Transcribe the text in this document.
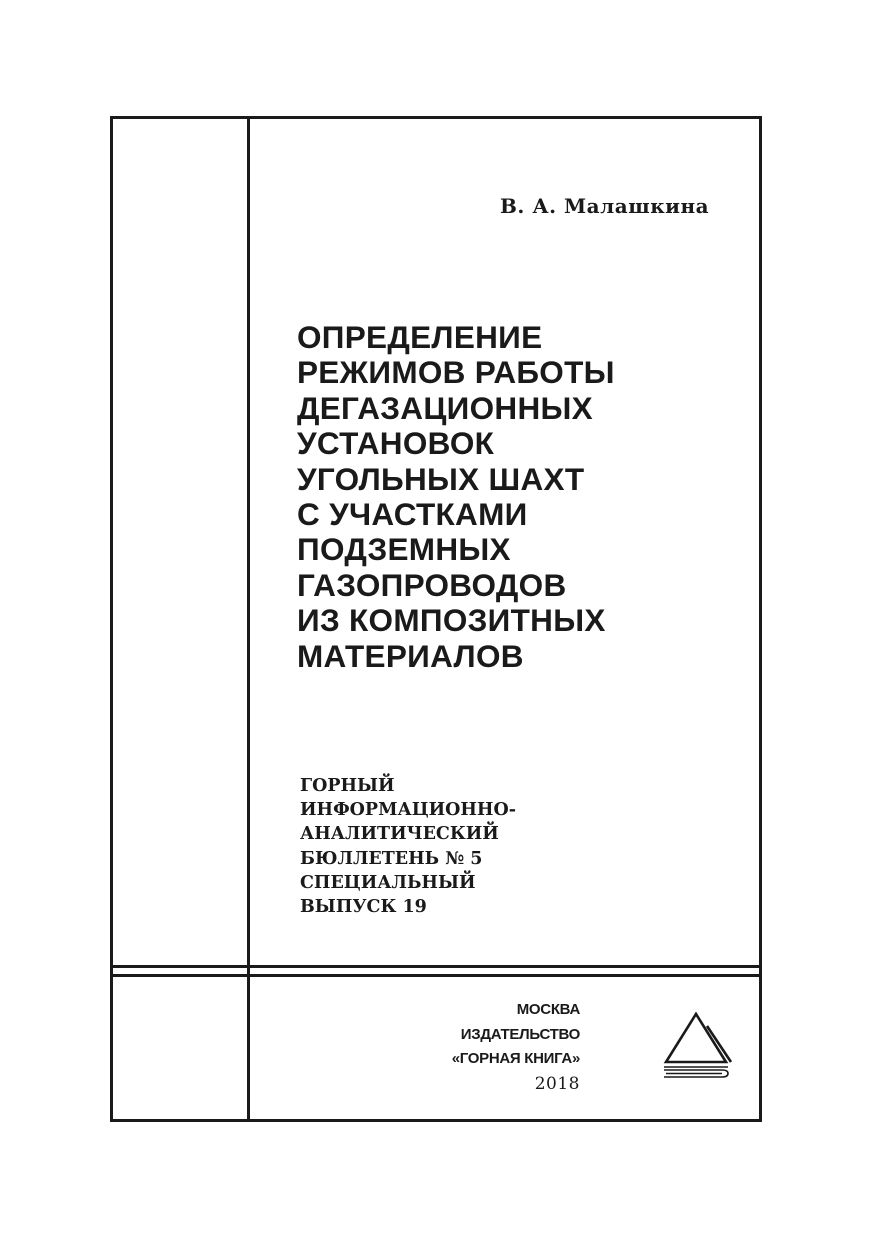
В. А. Малашкина
ОПРЕДЕЛЕНИЕ
РЕЖИМОВ РАБОТЫ
ДЕГАЗАЦИОННЫХ
УСТАНОВОК
УГОЛЬНЫХ ШАХТ
С УЧАСТКАМИ
ПОДЗЕМНЫХ
ГАЗОПРОВОДОВ
ИЗ КОМПОЗИТНЫХ
МАТЕРИАЛОВ
ГОРНЫЙ
ИНФОРМАЦИОННО-
АНАЛИТИЧЕСКИЙ
БЮЛЛЕТЕНЬ № 5
СПЕЦИАЛЬНЫЙ
ВЫПУСК 19
МОСКВА
ИЗДАТЕЛЬСТВО
«ГОРНАЯ КНИГА»
2018
